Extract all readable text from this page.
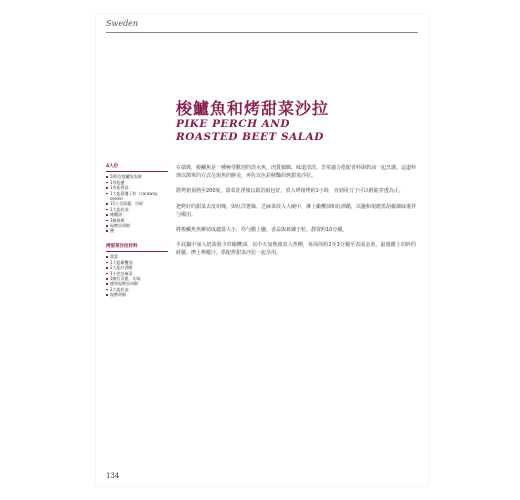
Sweden
梭鱸魚和烤甜菜沙拉
PIKE PERCH AND
ROASTED BEET SALAD
4人份
500克梭鱸魚魚柳
1茶匙鹽
1茶匙香蒜
1大匙葛縷子粒（caraway seeds）
15公克蒔蘿，切碎
1大匙奶油
橄欖油
1顆檸檬
現磨黑胡椒
鹽
烤甜菜沙拉材料
甜菜
1大匙橄欖油
2大匙紅酒醋
1小把芝麻菜
1顆紅洋蔥，切絲
鹽和現磨黑胡椒
2大匙奶油
現磨胡椒

在瑞典，梭鱸魚是一種極受歡迎的淡水魚，肉質細緻、味道清淡，非常適合搭配香料與奶油一起烹調。這道料理以簡單的方式呈現魚的鮮美，再佐以色彩鮮豔的烤甜菜沙拉。

將烤箱預熱至200度，甜菜洗淨後以鋁箔紙包好，放入烤箱烤約1小時，直到用刀子可以輕鬆穿透為止。

把烤好的甜菜去皮切塊，與紅洋蔥絲、芝麻菜放入大碗中，淋上橄欖油和紅酒醋，以鹽和現磨黑胡椒調味後拌勻備用。

將梭鱸魚魚柳切成適當大小，均勻撒上鹽、香蒜與葛縷子粒，靜置約10分鐘。

平底鍋中加入奶油與少許橄欖油，以中火加熱後放入魚柳，每面煎約2至3分鐘至表面金黃。最後撒上切碎的蒔蘿，擠上檸檬汁，搭配烤甜菜沙拉一起享用。

134
